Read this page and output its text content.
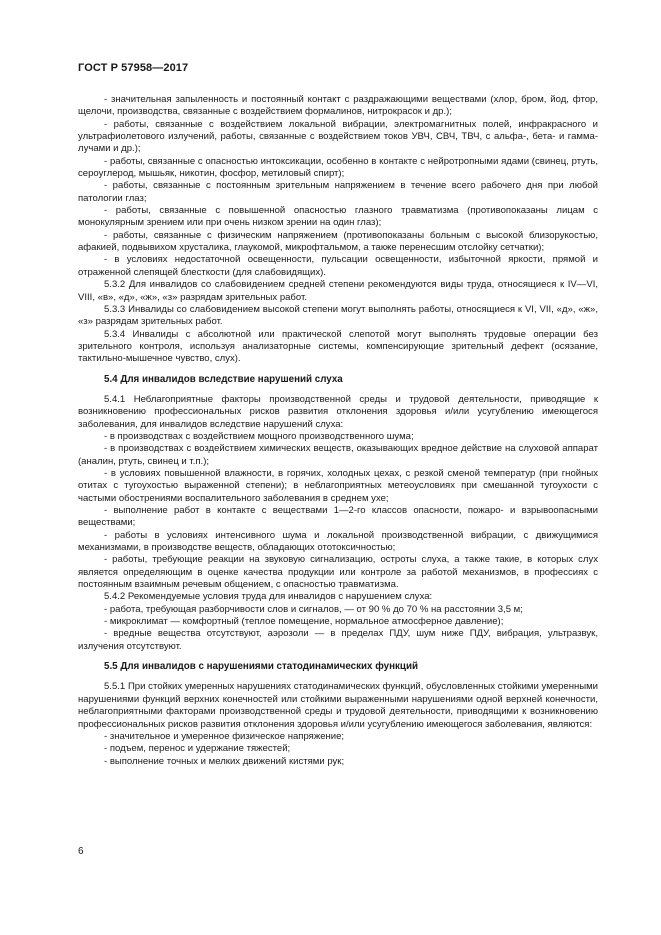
ГОСТ Р 57958—2017

- значительная запыленность и постоянный контакт с раздражающими веществами (хлор, бром, йод, фтор, щелочи, производства, связанные с воздействием формалинов, нитрокрасок и др.);

- работы, связанные с воздействием локальной вибрации, электромагнитных полей, инфракрасного и ультрафиолетового излучений, работы, связанные с воздействием токов УВЧ, СВЧ, ТВЧ, с альфа-, бета- и гамма-лучами и др.);

- работы, связанные с опасностью интоксикации, особенно в контакте с нейротропными ядами (свинец, ртуть, сероуглерод, мышьяк, никотин, фосфор, метиловый спирт);

- работы, связанные с постоянным зрительным напряжением в течение всего рабочего дня при любой патологии глаз;

- работы, связанные с повышенной опасностью глазного травматизма (противопоказаны лицам с монокулярным зрением или при очень низком зрении на один глаз);

- работы, связанные с физическим напряжением (противопоказаны больным с высокой близорукостью, афакией, подвывихом хрусталика, глаукомой, микрофтальмом, а также перенесшим отслойку сетчатки);

- в условиях недостаточной освещенности, пульсации освещенности, избыточной яркости, прямой и отраженной слепящей блесткости (для слабовидящих).

5.3.2 Для инвалидов со слабовидением средней степени рекомендуются виды труда, относящиеся к IV—VI, VIII, «в», «д», «ж», «з» разрядам зрительных работ.

5.3.3 Инвалиды со слабовидением высокой степени могут выполнять работы, относящиеся к VI, VII, «д», «ж», «з» разрядам зрительных работ.

5.3.4 Инвалиды с абсолютной или практической слепотой могут выполнять трудовые операции без зрительного контроля, используя анализаторные системы, компенсирующие зрительный дефект (осязание, тактильно-мышечное чувство, слух).

5.4 Для инвалидов вследствие нарушений слуха

5.4.1 Неблагоприятные факторы производственной среды и трудовой деятельности, приводящие к возникновению профессиональных рисков развития отклонения здоровья и/или усугублению имеющегося заболевания, для инвалидов вследствие нарушений слуха:

- в производствах с воздействием мощного производственного шума;

- в производствах с воздействием химических веществ, оказывающих вредное действие на слуховой аппарат (аналин, ртуть, свинец и т.п.);

- в условиях повышенной влажности, в горячих, холодных цехах, с резкой сменой температур (при гнойных отитах с тугоухостью выраженной степени); в неблагоприятных метеоусловиях при смешанной тугоухости с частыми обострениями воспалительного заболевания в среднем ухе;

- выполнение работ в контакте с веществами 1—2-го классов опасности, пожаро- и взрывоопасными веществами;

- работы в условиях интенсивного шума и локальной производственной вибрации, с движущимися механизмами, в производстве веществ, обладающих ототоксичностью;

- работы, требующие реакции на звуковую сигнализацию, остроты слуха, а также такие, в которых слух является определяющим в оценке качества продукции или контроле за работой механизмов, в профессиях с постоянным взаимным речевым общением, с опасностью травматизма.

5.4.2 Рекомендуемые условия труда для инвалидов с нарушением слуха:

- работа, требующая разборчивости слов и сигналов, — от 90 % до 70 % на расстоянии 3,5 м;

- микроклимат — комфортный (теплое помещение, нормальное атмосферное давление);

- вредные вещества отсутствуют, аэрозоли — в пределах ПДУ, шум ниже ПДУ, вибрация, ультразвук, излучения отсутствуют.

5.5 Для инвалидов с нарушениями статодинамических функций

5.5.1 При стойких умеренных нарушениях статодинамических функций, обусловленных стойкими умеренными нарушениями функций верхних конечностей или стойкими выраженными нарушениями одной верхней конечности, неблагоприятными факторами производственной среды и трудовой деятельности, приводящими к возникновению профессиональных рисков развития отклонения здоровья и/или усугублению имеющегося заболевания, являются:

- значительное и умеренное физическое напряжение;

- подъем, перенос и удержание тяжестей;

- выполнение точных и мелких движений кистями рук;

6
